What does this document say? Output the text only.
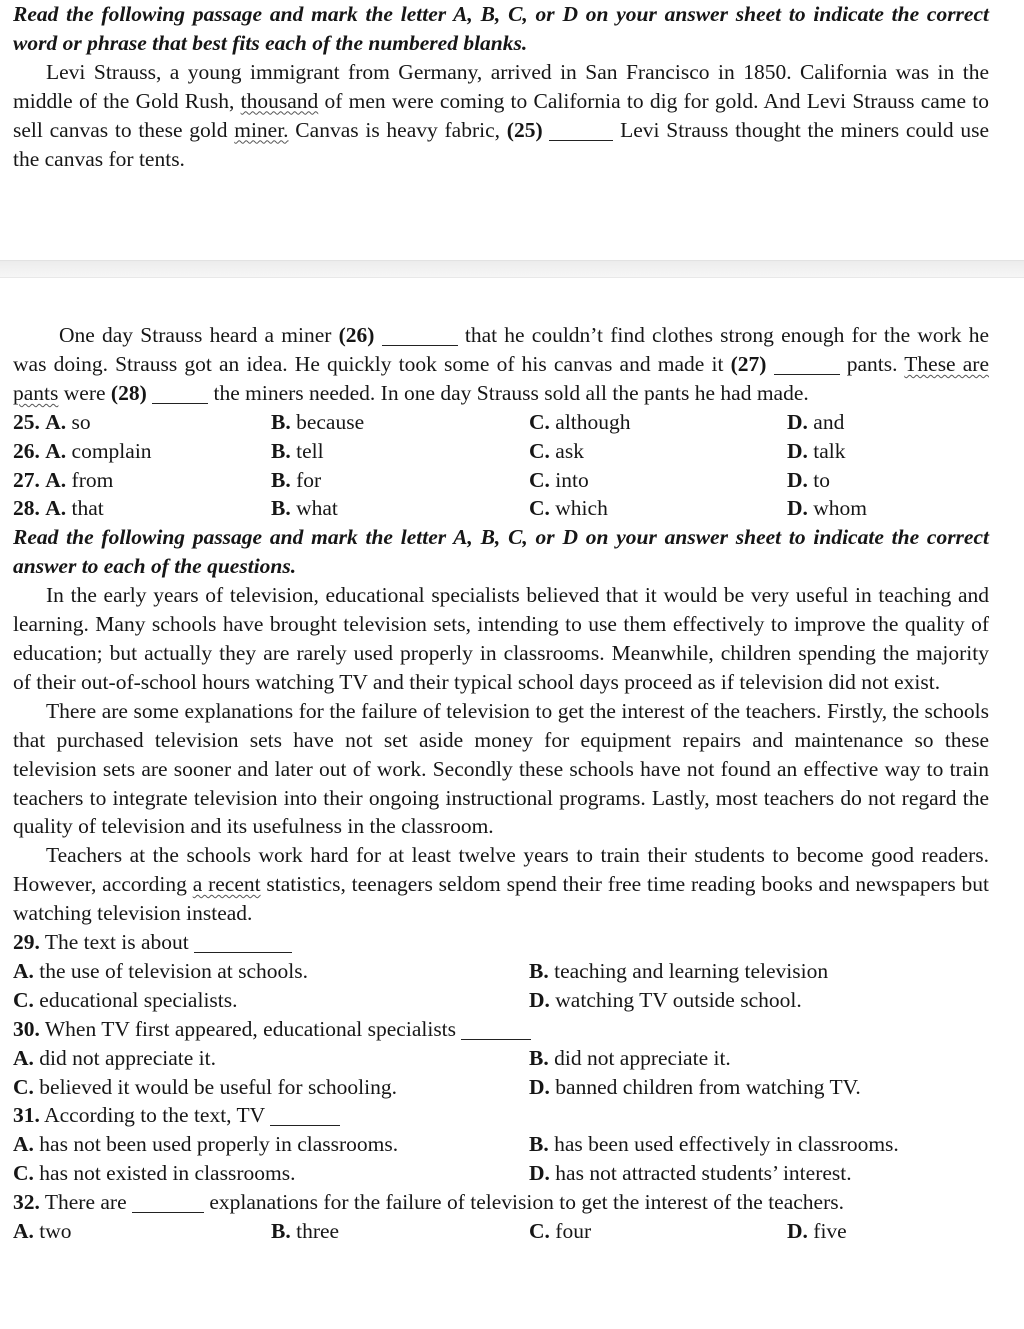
Read the following passage and mark the letter A, B, C, or D on your answer sheet to indicate the correct word or phrase that best fits each of the numbered blanks.

Levi Strauss, a young immigrant from Germany, arrived in San Francisco in 1850. California was in the middle of the Gold Rush, thousand of men were coming to California to dig for gold. And Levi Strauss came to sell canvas to these gold miner. Canvas is heavy fabric, (25)	Levi Strauss thought the miners could use the canvas for tents.

One day Strauss heard a miner (26)	that he couldn’t find clothes strong enough for the work he was doing. Strauss got an idea. He quickly took some of his canvas and made it (27)	pants. These are pants were (28)	the miners needed. In one day Strauss sold all the pants he had made.

25. A. so	B. because	C. although	D. and
26. A. complain	B. tell	C. ask	D. talk
27. A. from	B. for	C. into	D. to
28. A. that	B. what	C. which	D. whom

Read the following passage and mark the letter A, B, C, or D on your answer sheet to indicate the correct answer to each of the questions.

In the early years of television, educational specialists believed that it would be very useful in teaching and learning. Many schools have brought television sets, intending to use them effectively to improve the quality of education; but actually they are rarely used properly in classrooms. Meanwhile, children spending the majority of their out-of-school hours watching TV and their typical school days proceed as if television did not exist.

There are some explanations for the failure of television to get the interest of the teachers. Firstly, the schools that purchased television sets have not set aside money for equipment repairs and maintenance so these television sets are sooner and later out of work. Secondly these schools have not found an effective way to train teachers to integrate television into their ongoing instructional programs. Lastly, most teachers do not regard the quality of television and its usefulness in the classroom.

Teachers at the schools work hard for at least twelve years to train their students to become good readers. However, according a recent statistics, teenagers seldom spend their free time reading books and newspapers but watching television instead.

29. The text is about

A. the use of television at schools.	B. teaching and learning television
C. educational specialists.	D. watching TV outside school.

30. When TV first appeared, educational specialists

A. did not appreciate it.	B. did not appreciate it.
C. believed it would be useful for schooling.	D. banned children from watching TV.

31. According to the text, TV

A. has not been used properly in classrooms.	B. has been used effectively in classrooms.
C. has not existed in classrooms.	D. has not attracted students’ interest.

32. There are	explanations for the failure of television to get the interest of the teachers.

A. two	B. three	C. four	D. five
